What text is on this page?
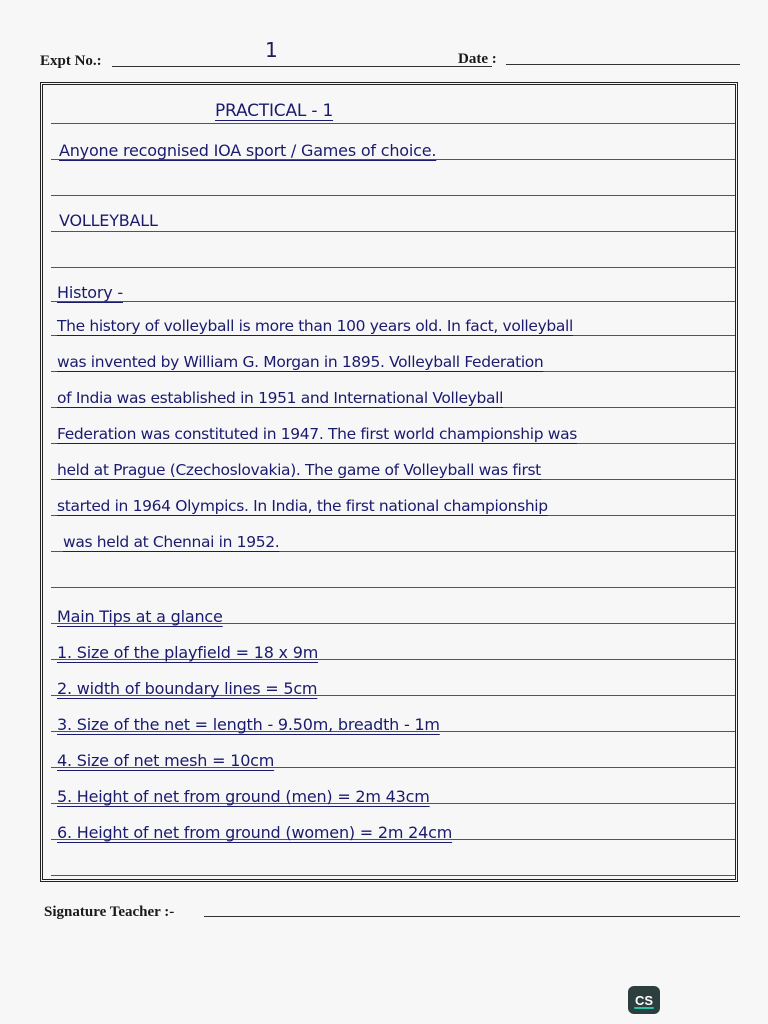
Expt No.:	1	Date :
PRACTICAL - 1
Anyone recognised IOA sport / Games of choice.
VOLLEYBALL
History -
The history of volleyball is more than 100 years old. In fact, volleyball
was invented by William G. Morgan in 1895. Volleyball Federation
of India was established in 1951 and International Volleyball
Federation was constituted in 1947. The first world championship was
held at Prague (Czechoslovakia). The game of Volleyball was first
started in 1964 Olympics. In India, the first national championship
was held at Chennai in 1952.
Main Tips at a glance
1. Size of the playfield = 18 x 9m
2. width of boundary lines = 5cm
3. Size of the net = length - 9.50m, breadth - 1m
4. Size of net mesh = 10cm
5. Height of net from ground (men) = 2m 43cm
6. Height of net from ground (women) = 2m 24cm
Signature Teacher :-
CS
